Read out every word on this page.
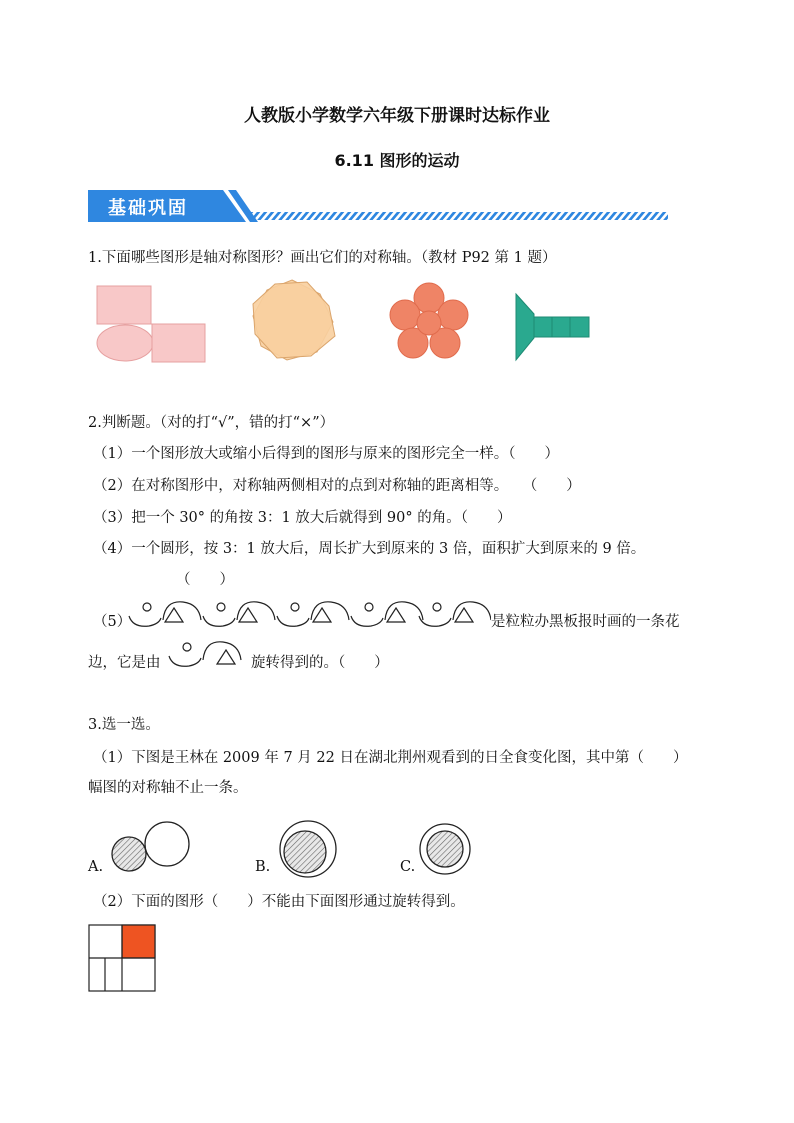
人教版小学数学六年级下册课时达标作业
6.11 图形的运动
基础巩固
1.下面哪些图形是轴对称图形？画出它们的对称轴。（教材 P92 第 1 题）
2.判断题。（对的打“√”，错的打“×”）
（1）一个图形放大或缩小后得到的图形与原来的图形完全一样。（　　）
（2）在对称图形中，对称轴两侧相对的点到对称轴的距离相等。　　（　　）
（3）把一个 30° 的角按 3：1 放大后就得到 90° 的角。（　　）
（4）一个圆形，按 3：1 放大后，周长扩大到原来的 3 倍，面积扩大到原来的 9 倍。
（　　）
（5）	是粒粒办黑板报时画的一条花
边，它是由	旋转得到的。（　　）
3.选一选。
（1）下图是王林在 2009 年 7 月 22 日在湖北荆州观看到的日全食变化图，其中第（　　）
幅图的对称轴不止一条。
A.	B.	C.
（2）下面的图形（　　）不能由下面图形通过旋转得到。
